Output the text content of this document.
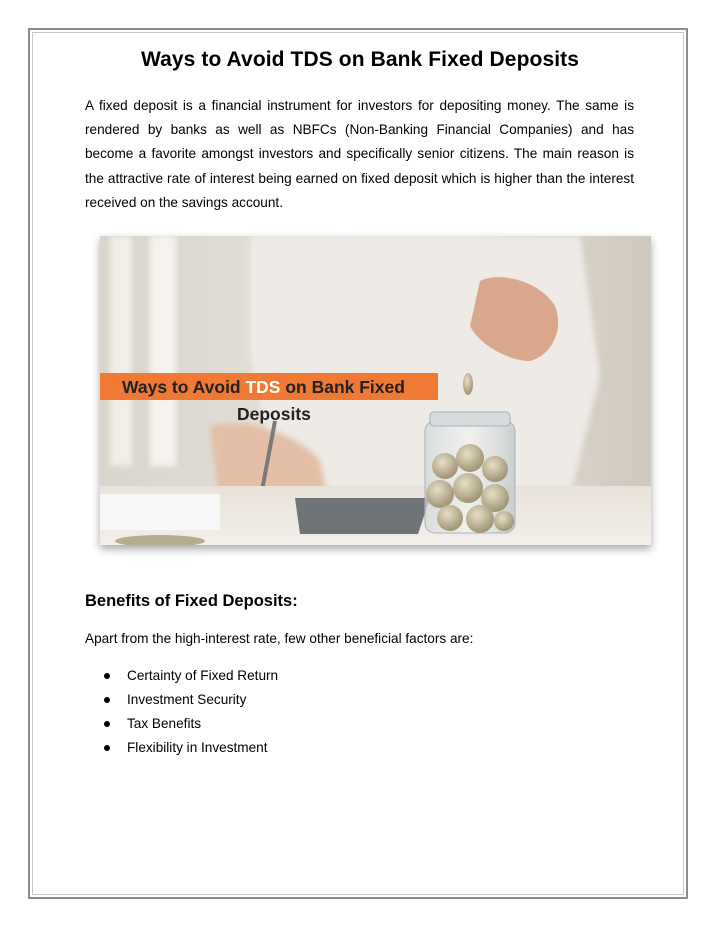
Ways to Avoid TDS on Bank Fixed Deposits

A fixed deposit is a financial instrument for investors for depositing money. The same is rendered by banks as well as NBFCs (Non-Banking Financial Companies) and has become a favorite amongst investors and specifically senior citizens. The main reason is the attractive rate of interest being earned on fixed deposit which is higher than the interest received on the savings account.

Ways to Avoid TDS on Bank Fixed
Deposits
Benefits of Fixed Deposits:

Apart from the high-interest rate, few other beneficial factors are:

Certainty of Fixed Return
Investment Security
Tax Benefits
Flexibility in Investment
